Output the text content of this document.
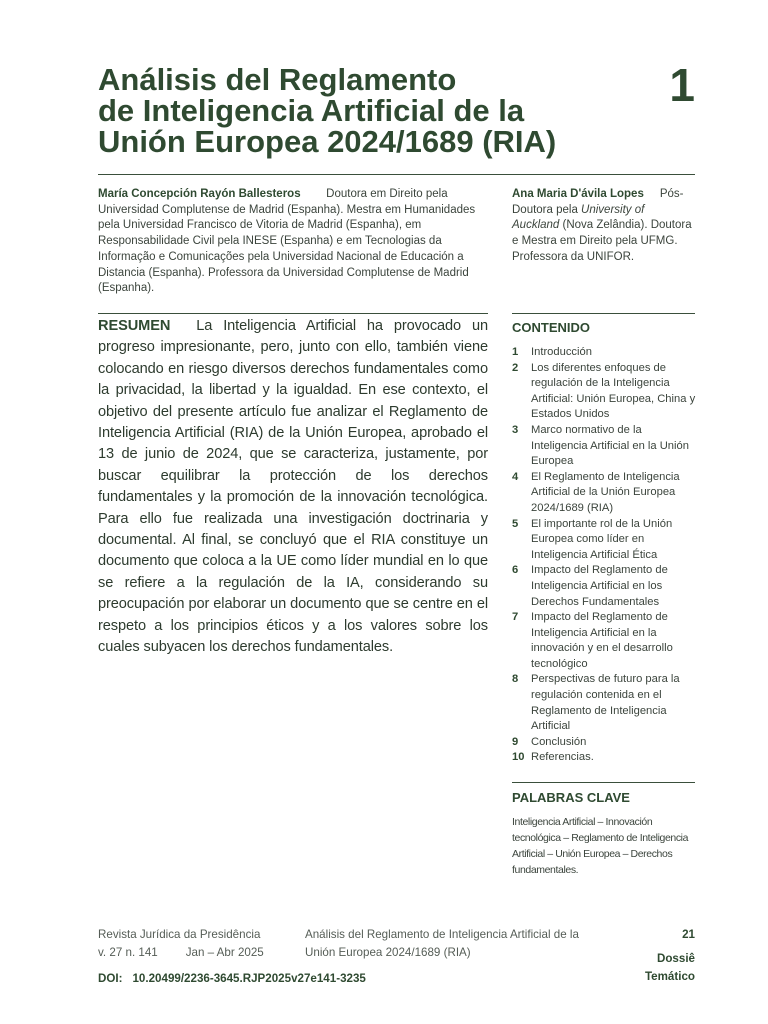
Análisis del Reglamento
de Inteligencia Artificial de la
Unión Europea 2024/1689 (RIA)
1
María Concepción Rayón Ballesteros Doutora em Direito pela Universidad Complutense de Madrid (Espanha). Mestra em Humanidades pela Universidad Francisco de Vitoria de Madrid (Espanha), em Responsabilidade Civil pela INESE (Espanha) e em Tecnologias da Informação e Comunicações pela Universidad Nacional de Educación a Distancia (Espanha). Professora da Universidad Complutense de Madrid (Espanha).
Ana Maria D'ávila Lopes Pós-Doutora pela University of Auckland (Nova Zelândia). Doutora e Mestra em Direito pela UFMG. Professora da UNIFOR.
RESUMEN La Inteligencia Artificial ha provocado un progreso impresionante, pero, junto con ello, también viene colocando en riesgo diversos derechos fundamentales como la privacidad, la libertad y la igualdad. En ese contexto, el objetivo del presente artículo fue analizar el Reglamento de Inteligencia Artificial (RIA) de la Unión Europea, aprobado el 13 de junio de 2024, que se caracteriza, justamente, por buscar equilibrar la protección de los derechos fundamentales y la promoción de la innovación tecnológica. Para ello fue realizada una investigación doctrinaria y documental. Al final, se concluyó que el RIA constituye un documento que coloca a la UE como líder mundial en lo que se refiere a la regulación de la IA, considerando su preocupación por elaborar un documento que se centre en el respeto a los principios éticos y a los valores sobre los cuales subyacen los derechos fundamentales.
CONTENIDO
1	Introducción
2	Los diferentes enfoques de regulación de la Inteligencia Artificial: Unión Europea, China y Estados Unidos
3	Marco normativo de la Inteligencia Artificial en la Unión Europea
4	El Reglamento de Inteligencia Artificial de la Unión Europea 2024/1689 (RIA)
5	El importante rol de la Unión Europea como líder en Inteligencia Artificial Ética
6	Impacto del Reglamento de Inteligencia Artificial en los Derechos Fundamentales
7	Impacto del Reglamento de Inteligencia Artificial en la innovación y en el desarrollo tecnológico
8	Perspectivas de futuro para la regulación contenida en el Reglamento de Inteligencia Artificial
9	Conclusión
10 Referencias.
PALABRAS CLAVE
Inteligencia Artificial – Innovación tecnológica – Reglamento de Inteligencia Artificial – Unión Europea – Derechos fundamentales.
Revista Jurídica da Presidência
v. 27 n. 141 Jan – Abr 2025
Análisis del Reglamento de Inteligencia Artificial de la Unión Europea 2024/1689 (RIA)
21
Dossiê
Temático
DOI: 10.20499/2236-3645.RJP2025v27e141-3235
